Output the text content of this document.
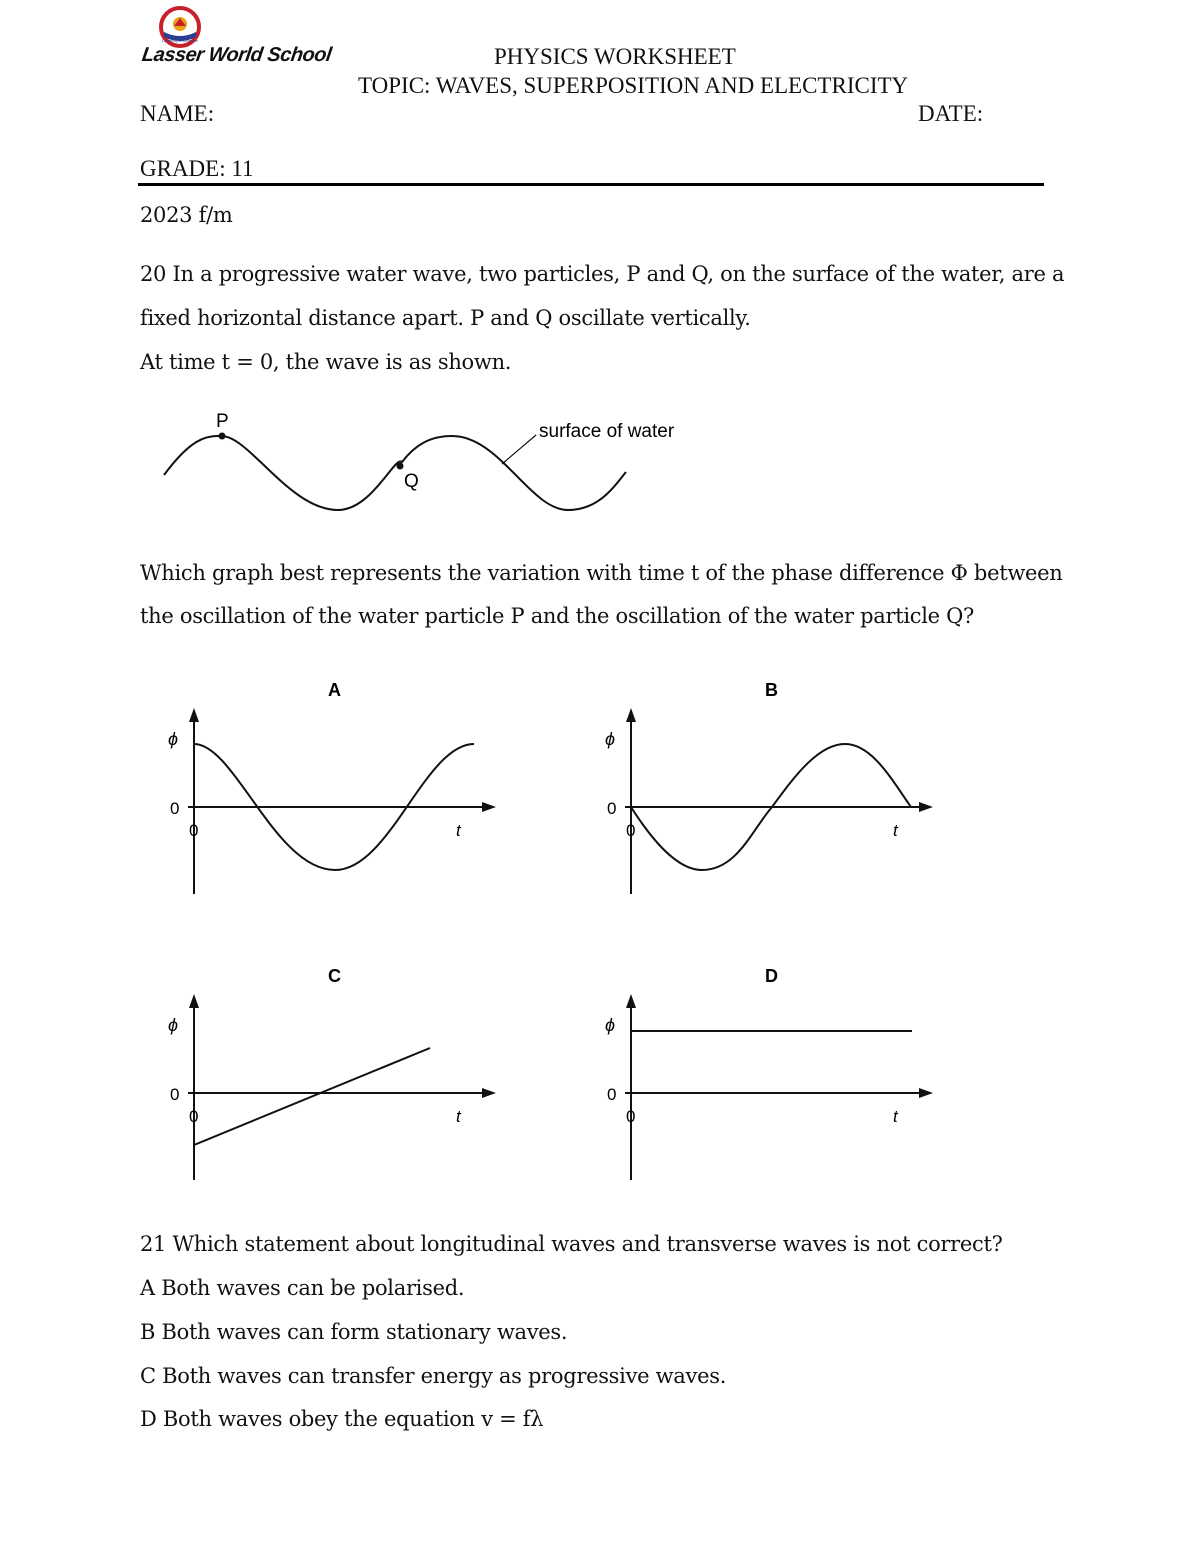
Learning Excellence
Lasser World School	PHYSICS WORKSHEET
TOPIC: WAVES, SUPERPOSITION AND ELECTRICITY
NAME:	DATE:
GRADE: 11
2023 f/m
20 In a progressive water wave, two particles, P and Q, on the surface of the water, are a
fixed horizontal distance apart. P and Q oscillate vertically.
At time t = 0, the wave is as shown.
P
Q
surface of water
Which graph best represents the variation with time t of the phase difference Φ between
the oscillation of the water particle P and the oscillation of the water particle Q?
A
ϕ
0
0	t
B
ϕ
0
0	t
C
ϕ
0
0	t
D
ϕ
0
0	t
21 Which statement about longitudinal waves and transverse waves is not correct?
A Both waves can be polarised.
B Both waves can form stationary waves.
C Both waves can transfer energy as progressive waves.
D Both waves obey the equation v = fλ
